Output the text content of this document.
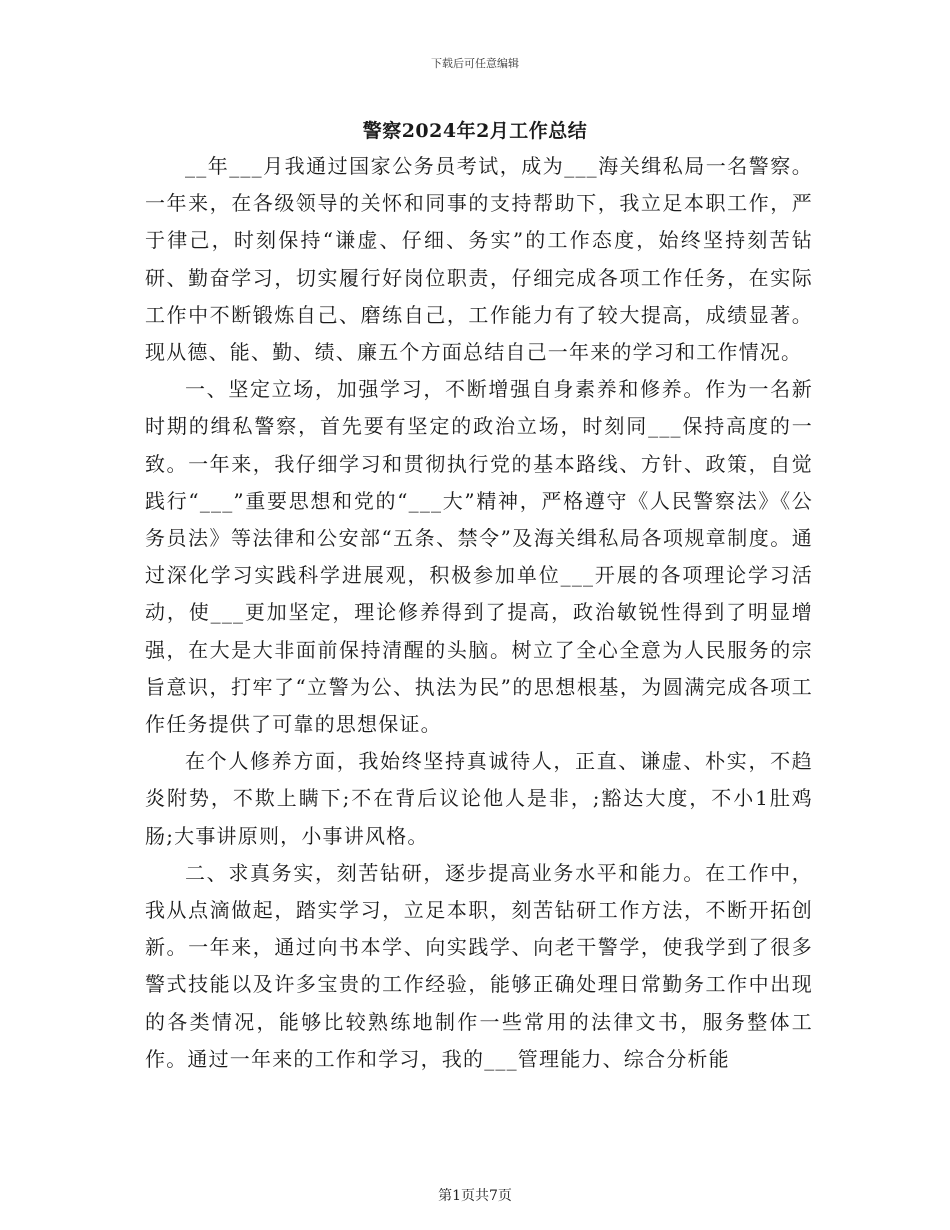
下载后可任意编辑
警察2024年2月工作总结

__年___月我通过国家公务员考试，成为___海关缉私局一名警察。一年来，在各级领导的关怀和同事的支持帮助下，我立足本职工作，严于律己，时刻保持“谦虚、仔细、务实”的工作态度，始终坚持刻苦钻研、勤奋学习，切实履行好岗位职责，仔细完成各项工作任务，在实际工作中不断锻炼自己、磨练自己，工作能力有了较大提高，成绩显著。现从德、能、勤、绩、廉五个方面总结自己一年来的学习和工作情况。

一、坚定立场，加强学习，不断增强自身素养和修养。作为一名新时期的缉私警察，首先要有坚定的政治立场，时刻同___保持高度的一致。一年来，我仔细学习和贯彻执行党的基本路线、方针、政策，自觉践行“___”重要思想和党的“___大”精神，严格遵守《人民警察法》《公务员法》等法律和公安部“五条、禁令”及海关缉私局各项规章制度。通过深化学习实践科学进展观，积极参加单位___开展的各项理论学习活动，使___更加坚定，理论修养得到了提高，政治敏锐性得到了明显增强，在大是大非面前保持清醒的头脑。树立了全心全意为人民服务的宗旨意识，打牢了“立警为公、执法为民”的思想根基，为圆满完成各项工作任务提供了可靠的思想保证。

在个人修养方面，我始终坚持真诚待人，正直、谦虚、朴实，不趋炎附势，不欺上瞒下;不在背后议论他人是非，;豁达大度，不小1肚鸡肠;大事讲原则，小事讲风格。

二、求真务实，刻苦钻研，逐步提高业务水平和能力。在工作中，我从点滴做起，踏实学习，立足本职，刻苦钻研工作方法，不断开拓创新。一年来，通过向书本学、向实践学、向老干警学，使我学到了很多警式技能以及许多宝贵的工作经验，能够正确处理日常勤务工作中出现的各类情况，能够比较熟练地制作一些常用的法律文书，服务整体工作。通过一年来的工作和学习，我的___管理能力、综合分析能

第1页共7页
